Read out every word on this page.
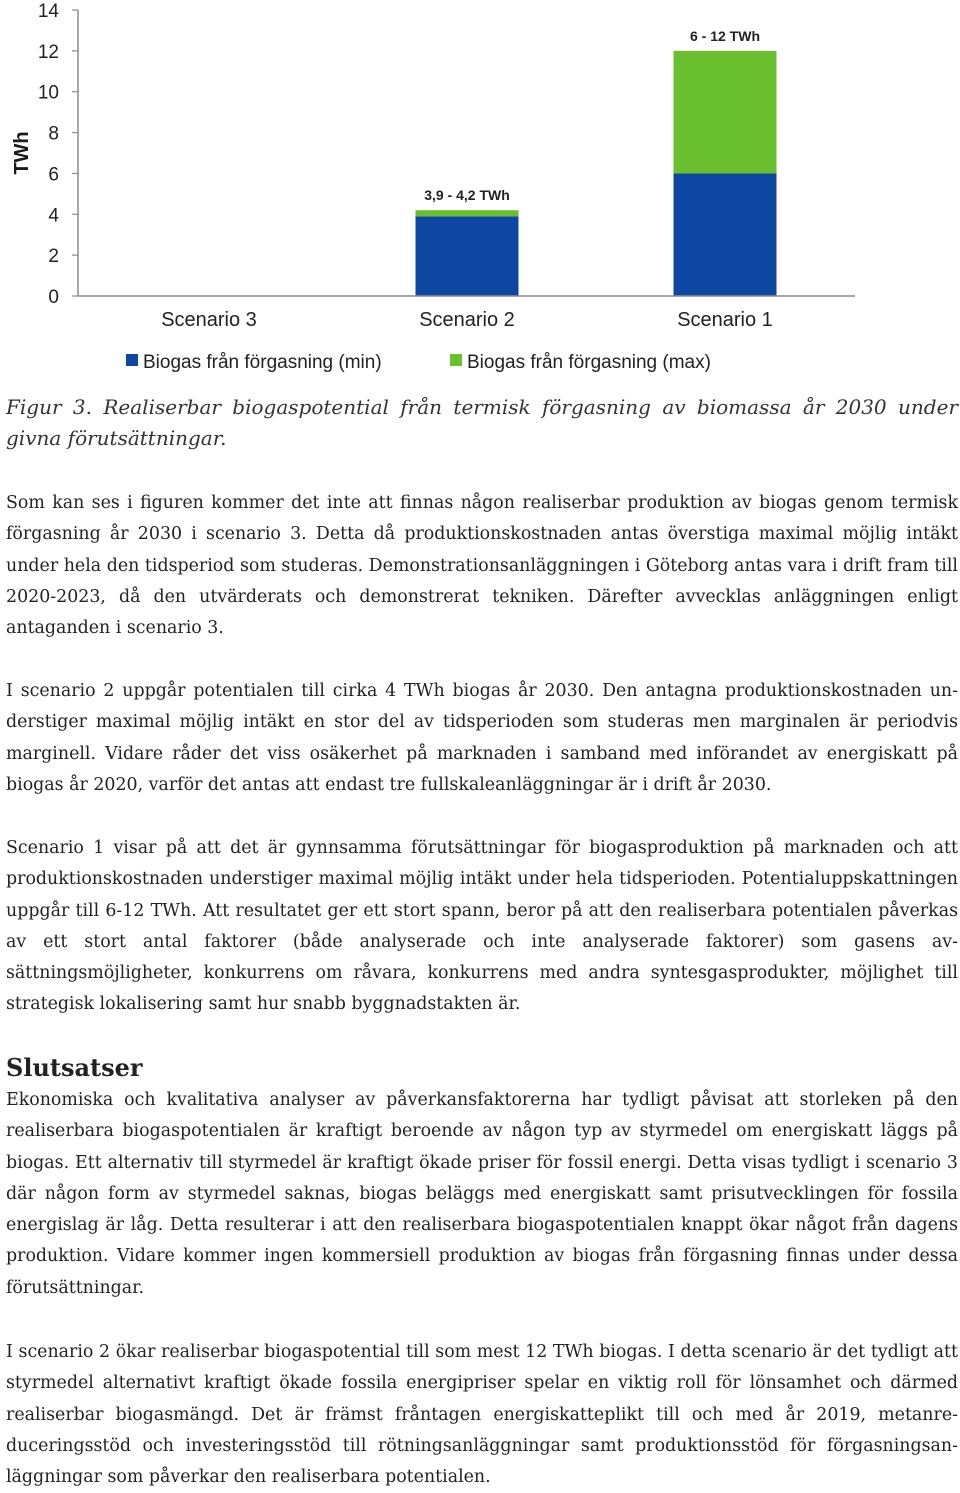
0
2
4
6
8
10
12
14
3,9 - 4,2 TWh
6 - 12 TWh
Scenario 3	Scenario 2	Scenario 1
TWh
Biogas från förgasning (min)	Biogas från förgasning (max)

Figur 3. Realiserbar biogaspotential från termisk förgasning av biomassa år 2030 under givna förutsättningar.

Som kan ses i figuren kommer det inte att finnas någon realiserbar produktion av biogas genom termisk förgasning år 2030 i scenario 3. Detta då produktionskostnaden antas överstiga maximal möjlig intäkt under hela den tidsperiod som studeras. Demonstrationsanläggningen i Göteborg antas vara i drift fram till 2020-2023, då den utvärderats och demonstrerat tekniken. Därefter avvecklas anläggningen enligt antaganden i scenario 3.

I scenario 2 uppgår potentialen till cirka 4 TWh biogas år 2030. Den antagna produktionskostnaden understiger maximal möjlig intäkt en stor del av tidsperioden som studeras men marginalen är periodvis marginell. Vidare råder det viss osäkerhet på marknaden i samband med införandet av energiskatt på biogas år 2020, varför det antas att endast tre fullskaleanläggningar är i drift år 2030.

Scenario 1 visar på att det är gynnsamma förutsättningar för biogasproduktion på marknaden och att produktionskostnaden understiger maximal möjlig intäkt under hela tidsperioden. Potentialuppskattningen uppgår till 6-12 TWh. Att resultatet ger ett stort spann, beror på att den realiserbara potentialen påverkas av ett stort antal faktorer (både analyserade och inte analyserade faktorer) som gasens avsättningsmöjligheter, konkurrens om råvara, konkurrens med andra syntesgasprodukter, möjlighet till strategisk lokalisering samt hur snabb byggnadstakten är.

Slutsatser

Ekonomiska och kvalitativa analyser av påverkansfaktorerna har tydligt påvisat att storleken på den realiserbara biogaspotentialen är kraftigt beroende av någon typ av styrmedel om energiskatt läggs på biogas. Ett alternativ till styrmedel är kraftigt ökade priser för fossil energi. Detta visas tydligt i scenario 3 där någon form av styrmedel saknas, biogas beläggs med energiskatt samt prisutvecklingen för fossila energislag är låg. Detta resulterar i att den realiserbara biogaspotentialen knappt ökar något från dagens produktion. Vidare kommer ingen kommersiell produktion av biogas från förgasning finnas under dessa förutsättningar.

I scenario 2 ökar realiserbar biogaspotential till som mest 12 TWh biogas. I detta scenario är det tydligt att styrmedel alternativt kraftigt ökade fossila energipriser spelar en viktig roll för lönsamhet och därmed realiserbar biogasmängd. Det är främst fråntagen energiskatteplikt till och med år 2019, metanreduceringsstöd och investeringsstöd till rötningsanläggningar samt produktionsstöd för förgasningsanläggningar som påverkar den realiserbara potentialen.
